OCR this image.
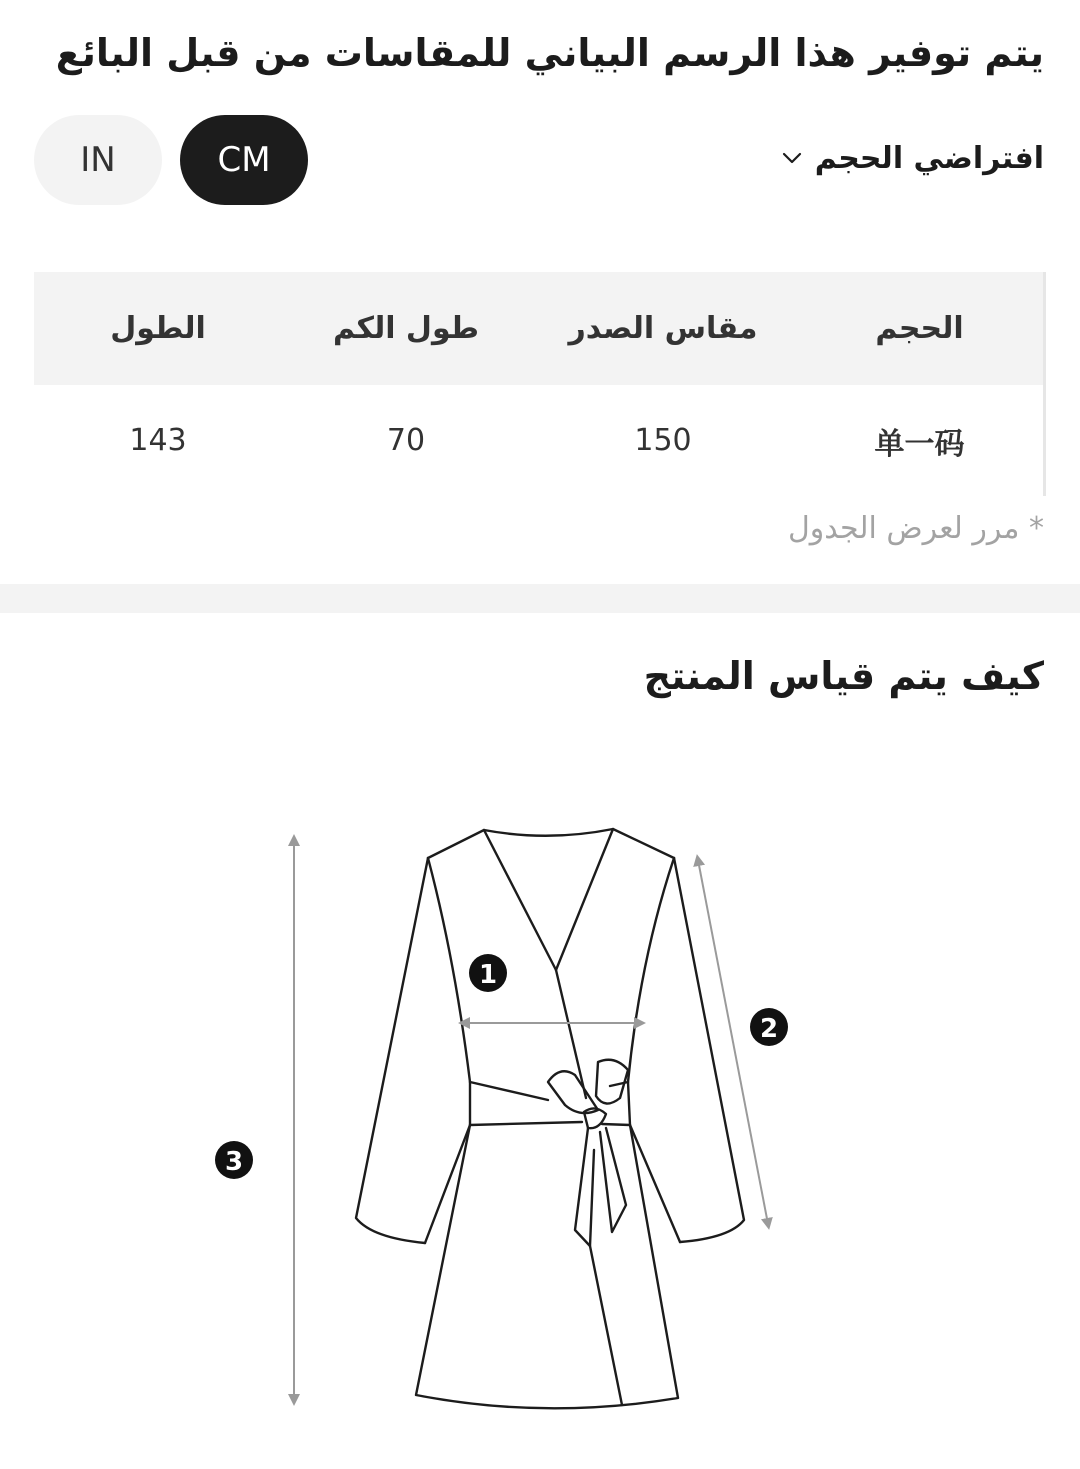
يتم توفير هذا الرسم البياني للمقاسات من قبل البائع
افتراضي الحجم
CM
IN
الحجم
مقاس الصدر
طول الكم
الطول
单一码
150
70
143
* مرر لعرض الجدول
كيف يتم قياس المنتج
1
2
3
